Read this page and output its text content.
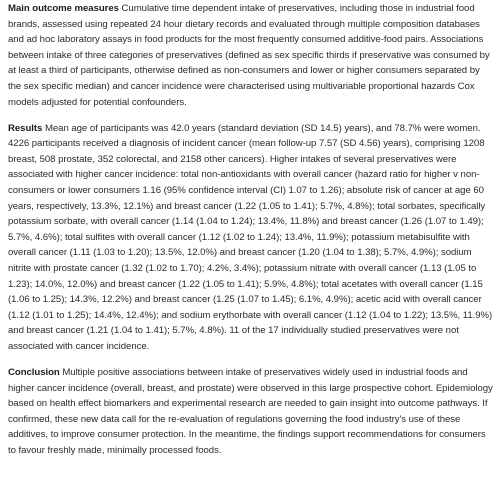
Main outcome measures Cumulative time dependent intake of preservatives, including those in industrial food brands, assessed using repeated 24 hour dietary records and evaluated through multiple composition databases and ad hoc laboratory assays in food products for the most frequently consumed additive-food pairs. Associations between intake of three categories of preservatives (defined as sex specific thirds if preservative was consumed by at least a third of participants, otherwise defined as non-consumers and lower or higher consumers separated by the sex specific median) and cancer incidence were characterised using multivariable proportional hazards Cox models adjusted for potential confounders.

Results Mean age of participants was 42.0 years (standard deviation (SD 14.5) years), and 78.7% were women. 4226 participants received a diagnosis of incident cancer (mean follow-up 7.57 (SD 4.56) years), comprising 1208 breast, 508 prostate, 352 colorectal, and 2158 other cancers). Higher intakes of several preservatives were associated with higher cancer incidence: total non-antioxidants with overall cancer (hazard ratio for higher v non-consumers or lower consumers 1.16 (95% confidence interval (CI) 1.07 to 1.26); absolute risk of cancer at age 60 years, respectively, 13.3%, 12.1%) and breast cancer (1.22 (1.05 to 1.41); 5.7%, 4.8%); total sorbates, specifically potassium sorbate, with overall cancer (1.14 (1.04 to 1.24); 13.4%, 11.8%) and breast cancer (1.26 (1.07 to 1.49); 5.7%, 4.6%); total sulfites with overall cancer (1.12 (1.02 to 1.24); 13.4%, 11.9%); potassium metabisulfite with overall cancer (1.11 (1.03 to 1.20); 13.5%, 12.0%) and breast cancer (1.20 (1.04 to 1.38); 5.7%, 4.9%); sodium nitrite with prostate cancer (1.32 (1.02 to 1.70); 4.2%, 3.4%); potassium nitrate with overall cancer (1.13 (1.05 to 1.23); 14.0%, 12.0%) and breast cancer (1.22 (1.05 to 1.41); 5.9%, 4.8%); total acetates with overall cancer (1.15 (1.06 to 1.25); 14.3%, 12.2%) and breast cancer (1.25 (1.07 to 1.45); 6.1%, 4.9%); acetic acid with overall cancer (1.12 (1.01 to 1.25); 14.4%, 12.4%); and sodium erythorbate with overall cancer (1.12 (1.04 to 1.22); 13.5%, 11.9%) and breast cancer (1.21 (1.04 to 1.41); 5.7%, 4.8%). 11 of the 17 individually studied preservatives were not associated with cancer incidence.

Conclusion Multiple positive associations between intake of preservatives widely used in industrial foods and higher cancer incidence (overall, breast, and prostate) were observed in this large prospective cohort. Epidemiology based on health effect biomarkers and experimental research are needed to gain insight into outcome pathways. If confirmed, these new data call for the re-evaluation of regulations governing the food industry's use of these additives, to improve consumer protection. In the meantime, the findings support recommendations for consumers to favour freshly made, minimally processed foods.
